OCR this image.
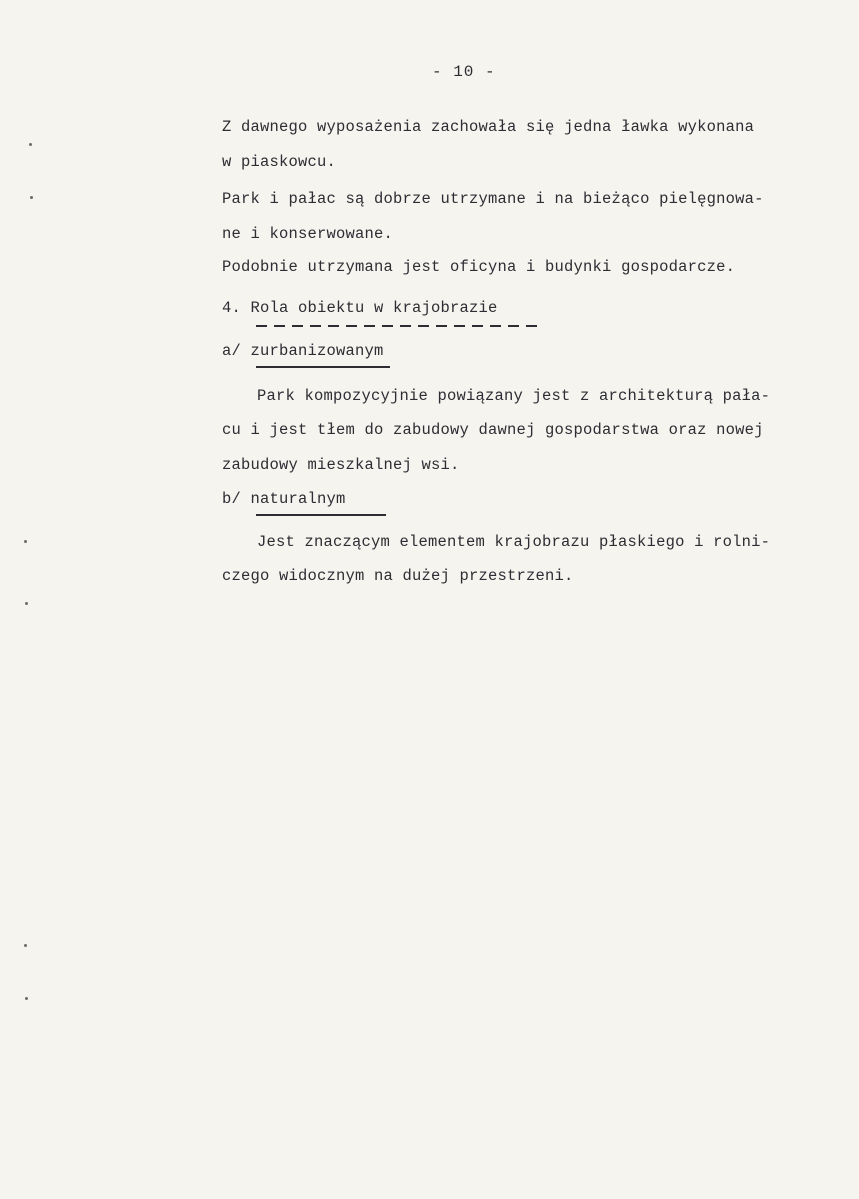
- 10 -
Z dawnego wyposażenia zachowała się jedna ławka wykonana
w piaskowcu.
Park i pałac są dobrze utrzymane i na bieżąco pielęgnowa-
ne i konserwowane.
Podobnie utrzymana jest oficyna i budynki gospodarcze.
4. Rola obiektu w krajobrazie
a/ zurbanizowanym
Park kompozycyjnie powiązany jest z architekturą pała-
cu i jest tłem do zabudowy dawnej gospodarstwa oraz nowej
zabudowy mieszkalnej wsi.
b/ naturalnym
Jest znaczącym elementem krajobrazu płaskiego i rolni-
czego widocznym na dużej przestrzeni.
